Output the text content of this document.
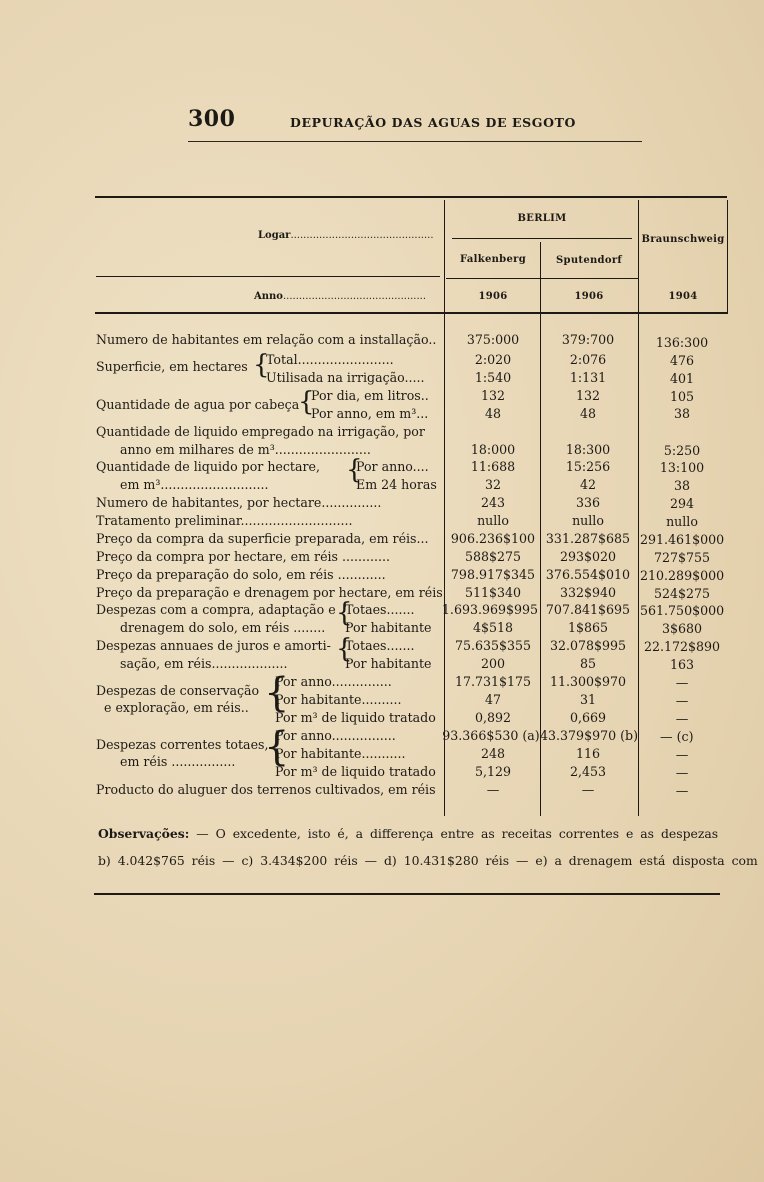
300	DEPURAÇÃO DAS AGUAS DE ESGOTO
Logar.............................................
Anno.............................................
BERLIM
Falkenberg	Sputendorf
Braunschweig
1906	1906	1904
Numero de habitantes em relação com a installação..	375:000	379:700	136:300
Superficie, em hectares {
Total........................	2:020	2:076	476
Utilisada na irrigação.....	1:540	1:131	401
Quantidade de agua por cabeça
{
Por dia, em litros..	132	132	105
Por anno, em m³...	48	48	38
Quantidade de liquido empregado na irrigação, por
anno em milhares de m³........................	18:000	18:300	5:250
Quantidade de liquido por hectare, {
Por anno....	11:688	15:256	13:100
em m³...........................	Em 24 horas	32	42	38
Numero de habitantes, por hectare...............	243	336	294
Tratamento preliminar............................	nullo	nullo	nullo
Preço da compra da superficie preparada, em réis...	906.236$100 331.287$685 291.461$000
Preço da compra por hectare, em réis ............	588$275	293$020	727$755
Preço da preparação do solo, em réis ............	798.917$345 376.554$010 210.289$000
Preço da preparação e drenagem por hectare, em réis	511$340	332$940	524$275
Despezas com a compra, adaptação e {
Totaes....... 1.693.969$995 707.841$695 561.750$000
drenagem do solo, em réis ........ Por habitante	4$518	1$865	3$680
Despezas annuaes de juros e amorti- {
Totaes.......	75.635$355	32.078$995	22.172$890
sação, em réis...................	Por habitante	200	85	163
Despezas de conservação {
Por anno...............	17.731$175	11.300$970	—
e exploração, em réis..
Por habitante..........	47	31	—
Por m³ de liquido tratado	0,892	0,669	—
Despezas correntes totaes,
{
Por anno................	93.366$530 (a) 43.379$970 (b) — (c)
em réis ................
Por habitante...........	248	116	—
Por m³ de liquido tratado	5,129	2,453	—
Producto do aluguer dos terrenos cultivados, em réis	—	—	—
Observações: — O excedente, isto é, a differença entre as receitas correntes e as despezas
b) 4.042$765 réis — c) 3.434$200 réis — d) 10.431$280 réis — e) a drenagem está disposta com
